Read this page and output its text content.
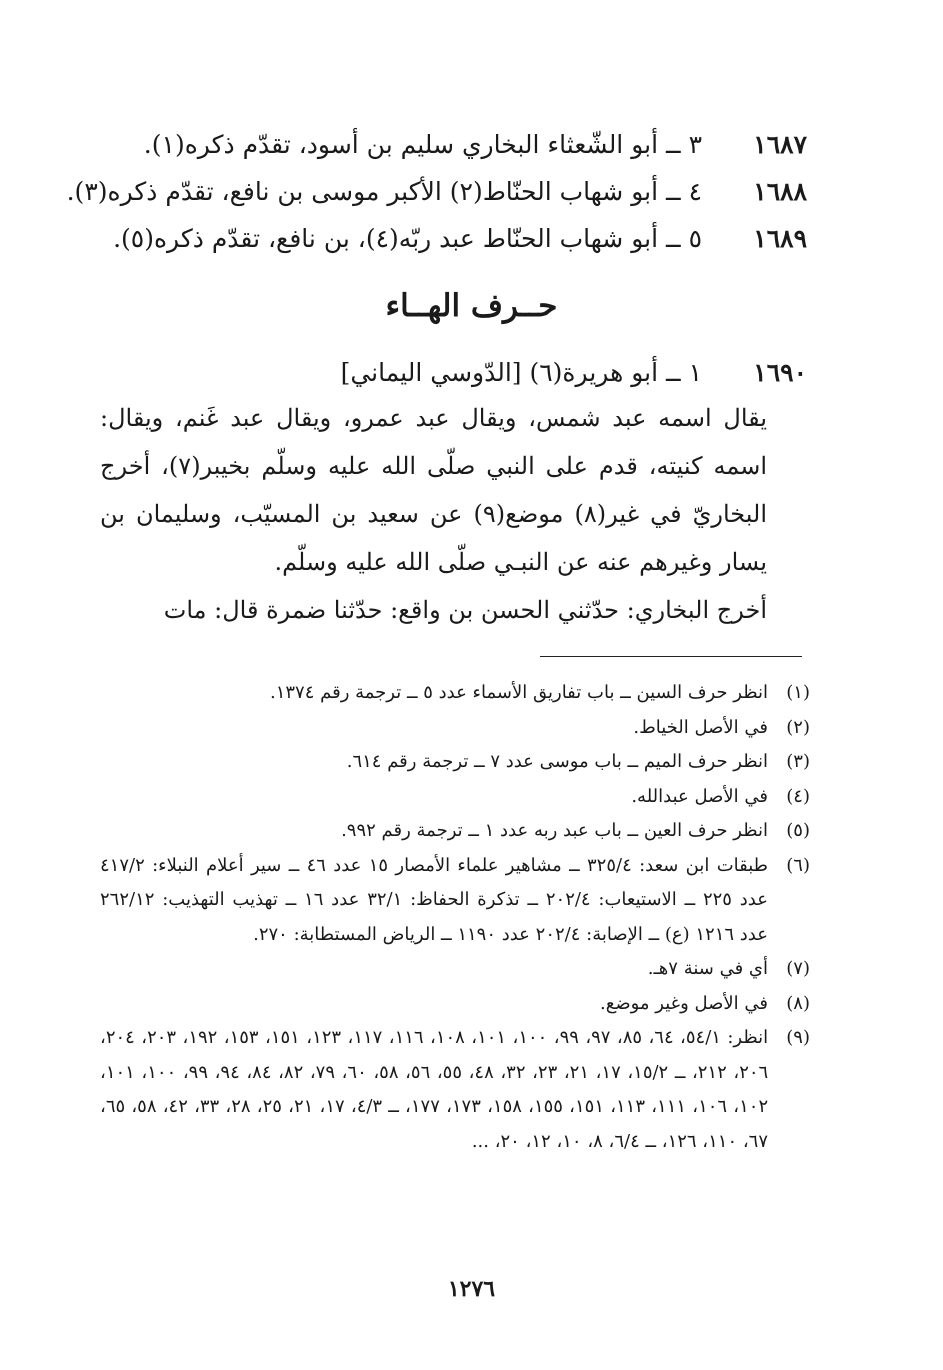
١٦٨٧
٣ ــ أبو الشّعثاء البخاري سليم بن أسود، تقدّم ذكره(١).
١٦٨٨
٤ ــ أبو شهاب الحنّاط(٢) الأكبر موسى بن نافع، تقدّم ذكره(٣).
١٦٨٩
٥ ــ أبو شهاب الحنّاط عبد ربّه(٤)، بن نافع، تقدّم ذكره(٥).
حــرف الهــاء
١٦٩٠
١ ــ أبو هريرة(٦) [الدّوسي اليماني]

يقال اسمه عبد شمس، ويقال عبد عمرو، ويقال عبد غَنم، ويقال: اسمه كنيته، قدم على النبي صلّى الله عليه وسلّم بخيبر(٧)، أخرج البخاريّ في غير(٨) موضع(٩) عن سعيد بن المسيّب، وسليمان بن يسار وغيرهم عنه عن النبـي صلّى الله عليه وسلّم.

أخرج البخاري: حدّثني الحسن بن واقع: حدّثنا ضمرة قال: مات

(١)
انظر حرف السين ــ باب تفاريق الأسماء عدد ٥ ــ ترجمة رقم ١٣٧٤.
(٢)
في الأصل الخياط.
(٣)
انظر حرف الميم ــ باب موسى عدد ٧ ــ ترجمة رقم ٦١٤.
(٤)
في الأصل عبدالله.
(٥)
انظر حرف العين ــ باب عبد ربه عدد ١ ــ ترجمة رقم ٩٩٢.
(٦)
طبقات ابن سعد: ٣٢٥/٤ ــ مشاهير علماء الأمصار ١٥ عدد ٤٦ ــ سير أعلام النبلاء: ٤١٧/٢ عدد ٢٢٥ ــ الاستيعاب: ٢٠٢/٤ ــ تذكرة الحفاظ: ٣٢/١ عدد ١٦ ــ تهذيب التهذيب: ٢٦٢/١٢ عدد ١٢١٦ (ع) ــ الإصابة: ٢٠٢/٤ عدد ١١٩٠ ــ الرياض المستطابة: ٢٧٠.
(٧)
أي في سنة ٧هـ.
(٨)
في الأصل وغير موضع.
(٩)
انظر: ٥٤/١، ٦٤، ٨٥، ٩٧، ٩٩، ١٠٠، ١٠١، ١٠٨، ١١٦، ١١٧، ١٢٣، ١٥١، ١٥٣، ١٩٢، ٢٠٣، ٢٠٤، ٢٠٦، ٢١٢، ــ ١٥/٢، ١٧، ٢١، ٢٣، ٣٢، ٤٨، ٥٥، ٥٦، ٥٨، ٦٠، ٧٩، ٨٢، ٨٤، ٩٤، ٩٩، ١٠٠، ١٠١، ١٠٢، ١٠٦، ١١١، ١١٣، ١٥١، ١٥٥، ١٥٨، ١٧٣، ١٧٧، ــ ٤/٣، ١٧، ٢١، ٢٥، ٢٨، ٣٣، ٤٢، ٥٨، ٦٥، ٦٧، ١١٠، ١٢٦، ــ ٦/٤، ٨، ١٠، ١٢، ٢٠، ...
١٢٧٦
